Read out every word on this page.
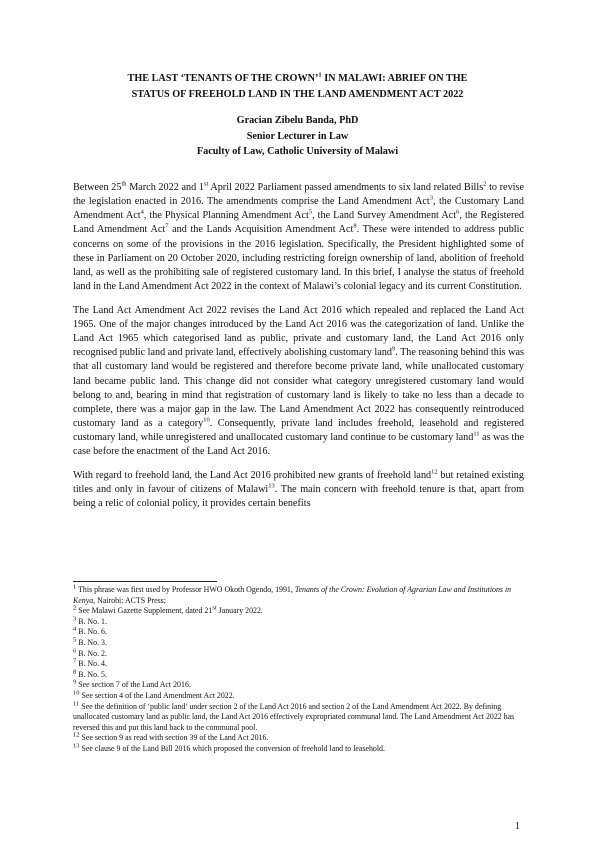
THE LAST ‘TENANTS OF THE CROWN’$^1$ IN MALAWI: ABRIEF ON THE
STATUS OF FREEHOLD LAND IN THE LAND AMENDMENT ACT 2022
Gracian Zibelu Banda, PhD
Senior Lecturer in Law
Faculty of Law, Catholic University of Malawi

Between 25th March 2022 and 1st April 2022 Parliament passed amendments to six land related Bills$^2$ to revise the legislation enacted in 2016. The amendments comprise the Land Amendment Act$^3$, the Customary Land Amendment Act$^4$, the Physical Planning Amendment Act$^5$, the Land Survey Amendment Act$^6$, the Registered Land Amendment Act$^7$ and the Lands Acquisition Amendment Act$^8$. These were intended to address public concerns on some of the provisions in the 2016 legislation. Specifically, the President highlighted some of these in Parliament on 20 October 2020, including restricting foreign ownership of land, abolition of freehold land, as well as the prohibiting sale of registered customary land. In this brief, I analyse the status of freehold land in the Land Amendment Act 2022 in the context of Malawi’s colonial legacy and its current Constitution.

The Land Act Amendment Act 2022 revises the Land Act 2016 which repealed and replaced the Land Act 1965. One of the major changes introduced by the Land Act 2016 was the categorization of land. Unlike the Land Act 1965 which categorised land as public, private and customary land, the Land Act 2016 only recognised public land and private land, effectively abolishing customary land$^9$. The reasoning behind this was that all customary land would be registered and therefore become private land, while unallocated customary land became public land. This change did not consider what category unregistered customary land would belong to and, bearing in mind that registration of customary land is likely to take no less than a decade to complete, there was a major gap in the law. The Land Amendment Act 2022 has consequently reintroduced customary land as a category$^{10}$. Consequently, private land includes freehold, leasehold and registered customary land, while unregistered and unallocated customary land continue to be customary land$^{11}$ as was the case before the enactment of the Land Act 2016.

With regard to freehold land, the Land Act 2016 prohibited new grants of freehold land$^{12}$ but retained existing titles and only in favour of citizens of Malawi$^{13}$. The main concern with freehold tenure is that, apart from being a relic of colonial policy, it provides certain benefits

$^1$ This phrase was first used by Professor HWO Okoth Ogendo, 1991, Tenants of the Crown: Evolution of Agrarian Law and Institutions in Kenya, Nairobi: ACTS Press;

$^2$ See Malawi Gazette Supplement, dated 21st January 2022.

$^3$ B. No. 1.

$^4$ B. No. 6.

$^5$ B. No. 3.

$^6$ B. No. 2.

$^7$ B. No. 4.

$^8$ B. No. 5.

$^9$ See section 7 of the Land Act 2016.

$^{10}$ See section 4 of the Land Amendment Act 2022.

$^{11}$ See the definition of ‘public land’ under section 2 of the Land Act 2016 and section 2 of the Land Amendment Act 2022. By defining unallocated customary land as public land, the Land Act 2016 effectively expropriated communal land. The Land Amendment Act 2022 has reversed this and put this land back to the communal pool.

$^{12}$ See section 9 as read with section 39 of the Land Act 2016.

$^{13}$ See clause 9 of the Land Bill 2016 which proposed the conversion of freehold land to leasehold.

1
